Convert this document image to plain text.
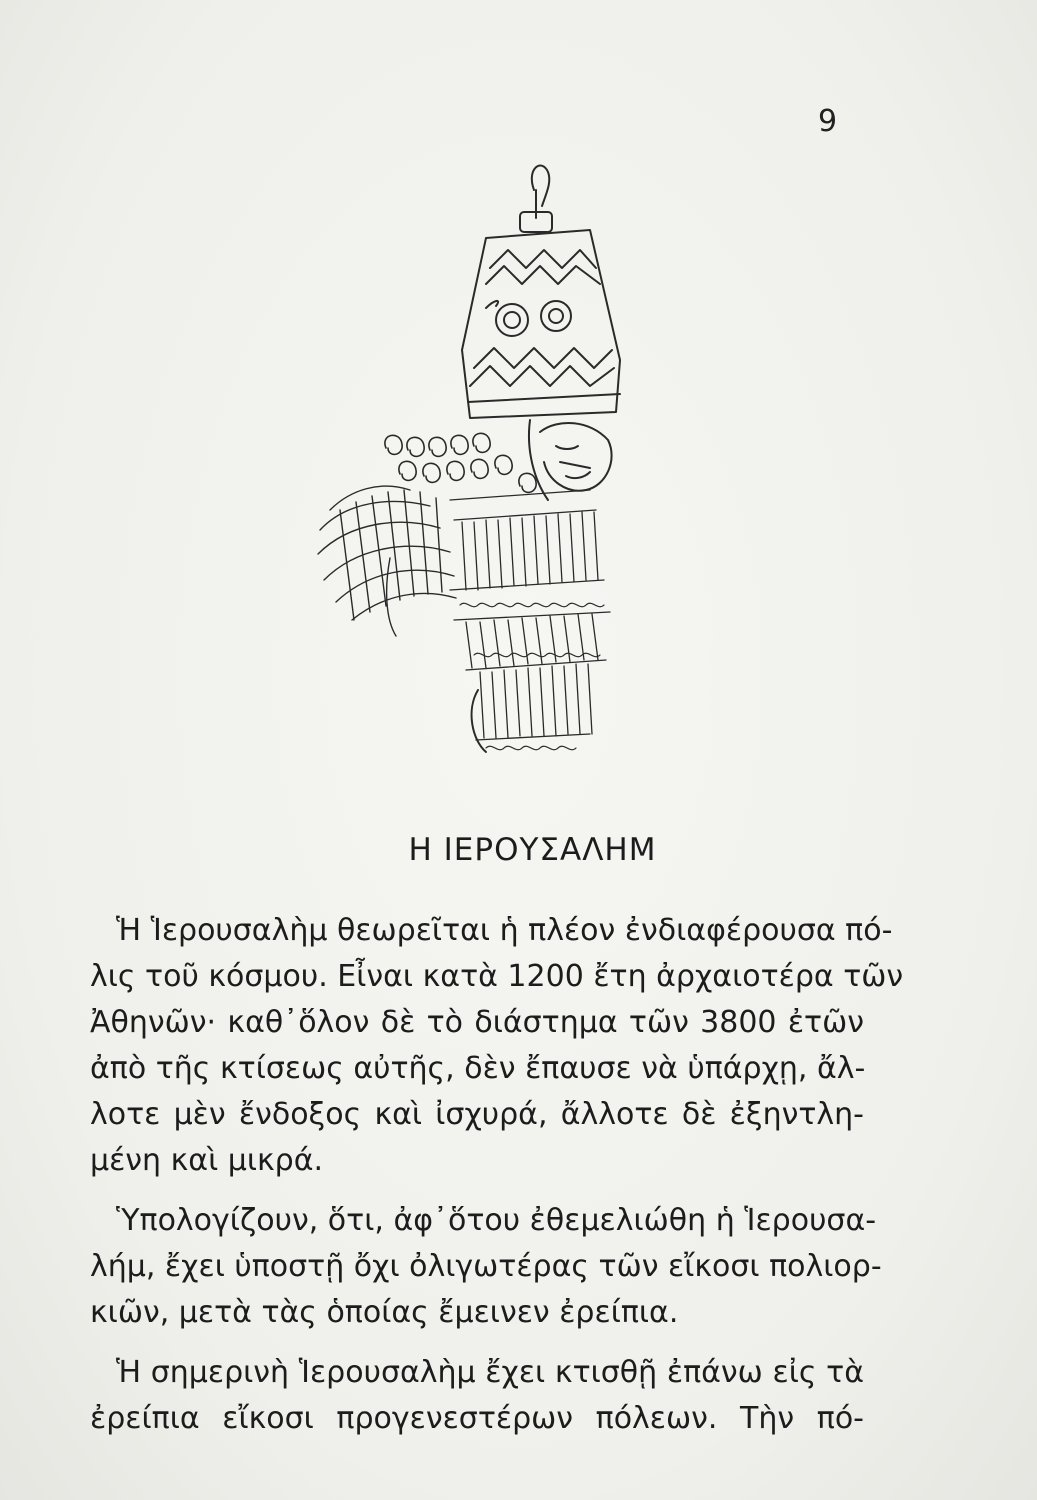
9
Η ΙΕΡΟΥΣΑΛΗΜ
Ἡ Ἱερουσαλὴμ θεωρεῖται ἡ πλέον ἐνδιαφέρουσα πό-
λις τοῦ κόσμου. Εἶναι κατὰ 1200 ἔτη ἀρχαιοτέρα τῶν
Ἀθηνῶν· καθ᾿ὅλον δὲ τὸ διάστημα τῶν 3800 ἐτῶν
ἀπὸ τῆς κτίσεως αὐτῆς, δὲν ἔπαυσε νὰ ὑπάρχῃ, ἄλ-
λοτε μὲν ἔνδοξος καὶ ἰσχυρά, ἄλλοτε δὲ ἐξηντλη-
μένη καὶ μικρά.
Ὑπολογίζουν, ὅτι, ἀφ᾿ὅτου ἐθεμελιώθη ἡ Ἱερουσα-
λήμ, ἔχει ὑποστῇ ὄχι ὀλιγωτέρας τῶν εἴκοσι πολιορ-
κιῶν, μετὰ τὰς ὁποίας ἔμεινεν ἐρείπια.
Ἡ σημερινὴ Ἱερουσαλὴμ ἔχει κτισθῇ ἐπάνω εἰς τὰ
ἐρείπια εἴκοσι προγενεστέρων πόλεων. Τὴν πό-
